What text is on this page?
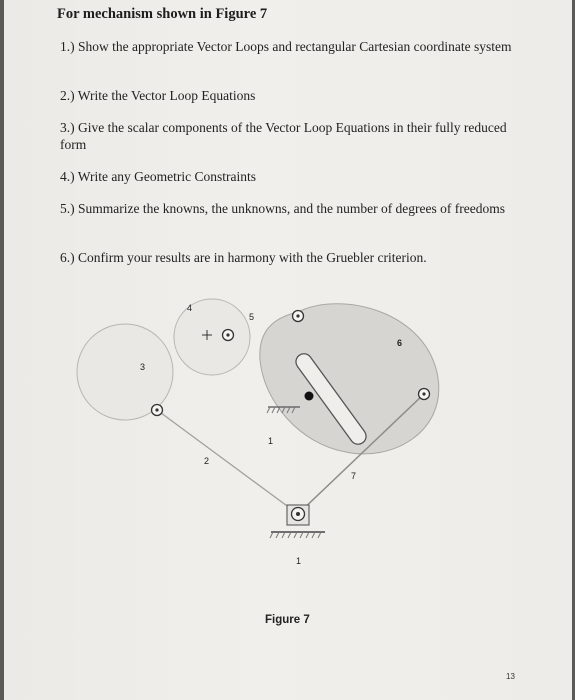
For mechanism shown in Figure 7
1.) Show the appropriate Vector Loops and rectangular Cartesian coordinate system
2.) Write the Vector Loop Equations
3.) Give the scalar components of the Vector Loop Equations in their fully reduced form
4.) Write any Geometric Constraints
5.) Summarize the knowns, the unknowns, and the number of degrees of freedoms
6.) Confirm your results are in harmony with the Gruebler criterion.
4
5
6
3
1
2
7
1
Figure 7
13
